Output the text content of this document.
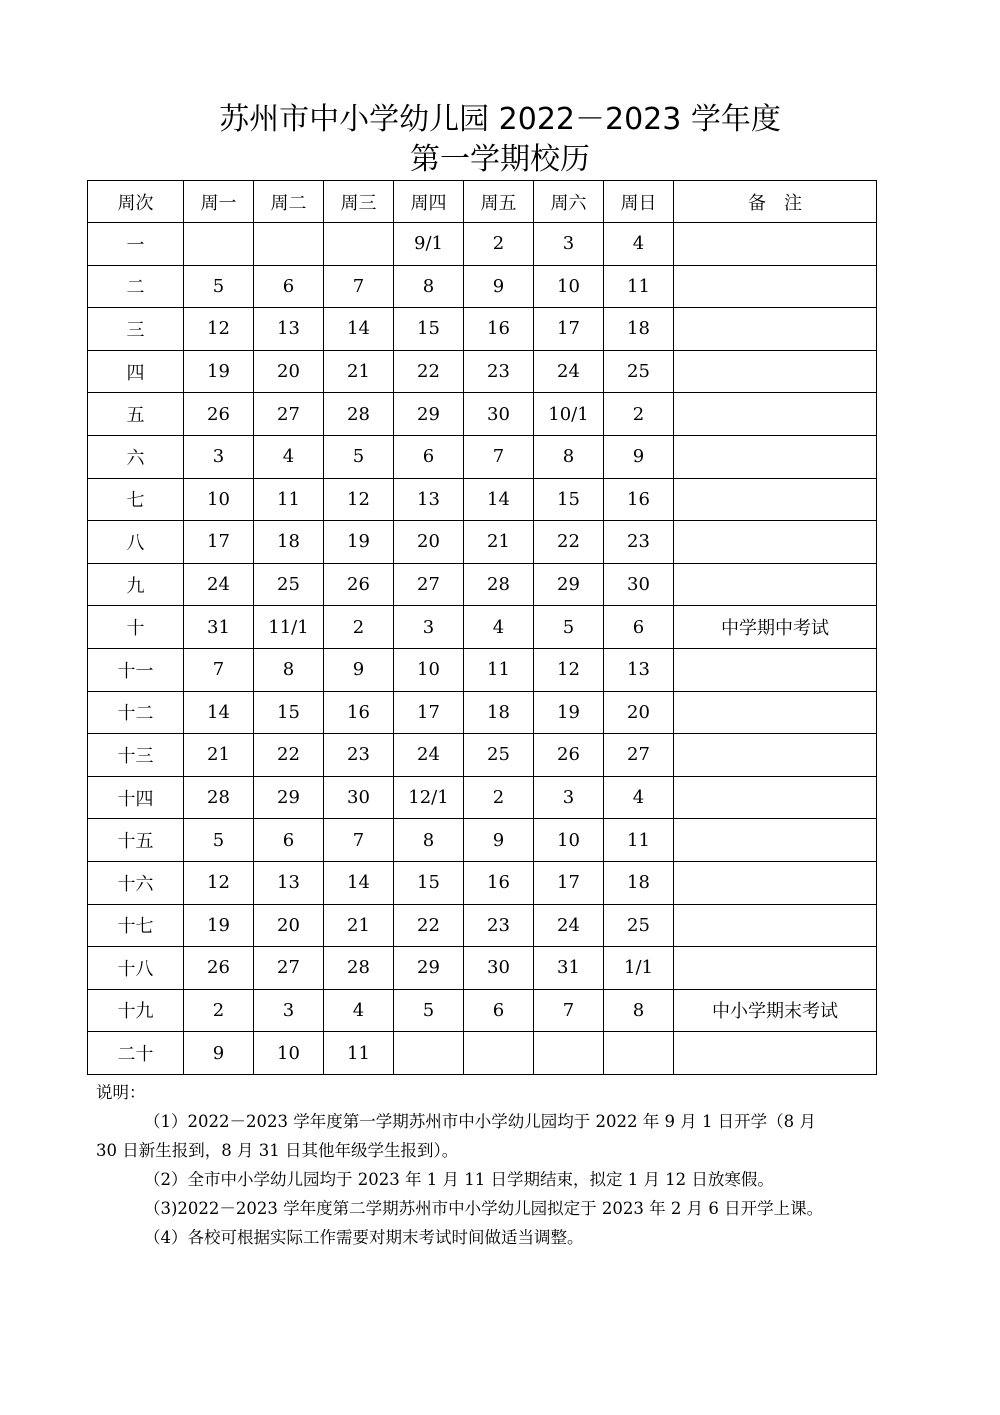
苏州市中小学幼儿园 2022－2023 学年度
第一学期校历
周次	周一	周二	周三	周四	周五	周六	周日	备　注
一				9/1	2	3	4	
二	5	6	7	8	9	10	11	
三	12	13	14	15	16	17	18	
四	19	20	21	22	23	24	25	
五	26	27	28	29	30	10/1	2	
六	3	4	5	6	7	8	9	
七	10	11	12	13	14	15	16	
八	17	18	19	20	21	22	23	
九	24	25	26	27	28	29	30	
十	31	11/1	2	3	4	5	6	中学期中考试
十一	7	8	9	10	11	12	13	
十二	14	15	16	17	18	19	20	
十三	21	22	23	24	25	26	27	
十四	28	29	30	12/1	2	3	4	
十五	5	6	7	8	9	10	11	
十六	12	13	14	15	16	17	18	
十七	19	20	21	22	23	24	25	
十八	26	27	28	29	30	31	1/1	
十九	2	3	4	5	6	7	8	中小学期末考试
二十	9	10	11					

说明：

（1）2022－2023 学年度第一学期苏州市中小学幼儿园均于 2022 年 9 月 1 日开学（8 月

30 日新生报到，8 月 31 日其他年级学生报到）。

（2）全市中小学幼儿园均于 2023 年 1 月 11 日学期结束，拟定 1 月 12 日放寒假。

（3)2022－2023 学年度第二学期苏州市中小学幼儿园拟定于 2023 年 2 月 6 日开学上课。

（4）各校可根据实际工作需要对期末考试时间做适当调整。
